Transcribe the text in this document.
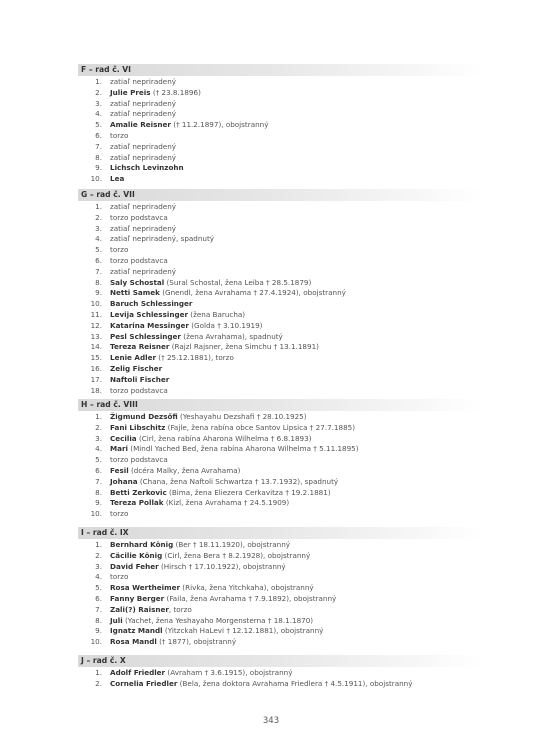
F – rad č. VI
1. zatiaľ nepriradený
2. Julie Preis († 23.8.1896)
3. zatiaľ nepriradený
4. zatiaľ nepriradený
5. Amalie Reisner († 11.2.1897), obojstranný
6. torzo
7. zatiaľ nepriradený
8. zatiaľ nepriradený
9. Lichsch Levinzohn
10. Lea
G – rad č. VII
1. zatiaľ nepriradený
2. torzo podstavca
3. zatiaľ nepriradený
4. zatiaľ nepriradený, spadnutý
5. torzo
6. torzo podstavca
7. zatiaľ nepriradený
8. Saly Schostal (Sural Schostal, žena Leiba † 28.5.1879)
9. Netti Samek (Gnendl, žena Avrahama † 27.4.1924), obojstranný
10. Baruch Schlessinger
11. Levija Schlessinger (žena Barucha)
12. Katarina Messinger (Golda † 3.10.1919)
13. Pesl Schlessinger (žena Avrahama), spadnutý
14. Tereza Reisner (Rajzl Rajsner, žena Simchu † 13.1.1891)
15. Lenie Adler († 25.12.1881), torzo
16. Zelig Fischer
17. Naftoli Fischer
18. torzo podstavca
H – rad č. VIII
1. Žigmund Dezsőfi (Yeshayahu Dezshafi † 28.10.1925)
2. Fani Libschitz (Fajle, žena rabína obce Santov Lipsica † 27.7.1885)
3. Cecilia (Cirl, žena rabína Aharona Wilhelma † 6.8.1893)
4. Mari (Mindl Yached Bed, žena rabína Aharona Wilhelma † 5.11.1895)
5. torzo podstavca
6. Fesil (dcéra Malky, žena Avrahama)
7. Johana (Chana, žena Naftoli Schwartza † 13.7.1932), spadnutý
8. Betti Zerkovic (Bima, žena Eliezera Cerkavitza † 19.2.1881)
9. Tereza Pollak (Kizl, žena Avrahama † 24.5.1909)
10. torzo
I – rad č. IX
1. Bernhard König (Ber † 18.11.1920), obojstranný
2. Cäcilie König (Cirl, žena Bera † 8.2.1928), obojstranný
3. David Feher (Hirsch † 17.10.1922), obojstranný
4. torzo
5. Rosa Wertheimer (Rivka, žena Yitchkaha), obojstranný
6. Fanny Berger (Faila, žena Avrahama † 7.9.1892), obojstranný
7. Zali(?) Raisner, torzo
8. Juli (Yachet, žena Yeshayaho Morgensterna † 18.1.1870)
9. Ignatz Mandl (Yitzckah HaLevi † 12.12.1881), obojstranný
10. Rosa Mandl († 1877), obojstranný
J – rad č. X
1. Adolf Friedler (Avraham † 3.6.1915), obojstranný
2. Cornelia Friedler (Bela, žena doktora Avrahama Friedlera † 4.5.1911), obojstranný
343
